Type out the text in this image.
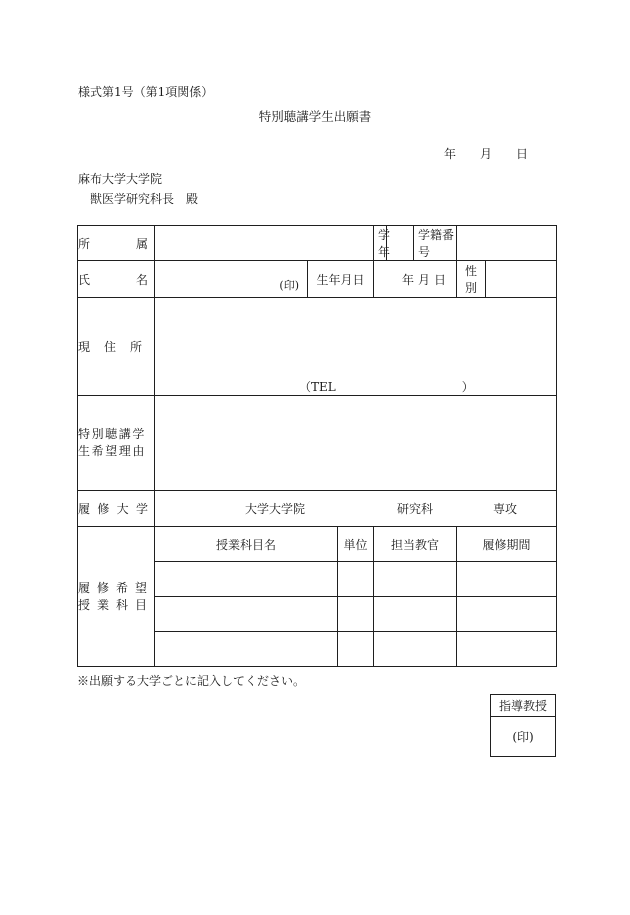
様式第1号（第1項関係）
特別聴講学生出願書
年 月 日
麻布大学大学院
獣医学研究科長　殿
所 属				学 年		学籍番号		

氏 名	(印)	生年月日		年 月 日			性　別	

現 住 所	（TEL ）							

特別聴講学
生希望理由								

履 修 大 学	大学大学院 研究科 専攻							

履 修 希 望
授 業 科 目	授業科目名		単位	担当教官			履修期間	

※出願する大学ごとに記入してください。
指導教授
(印)
